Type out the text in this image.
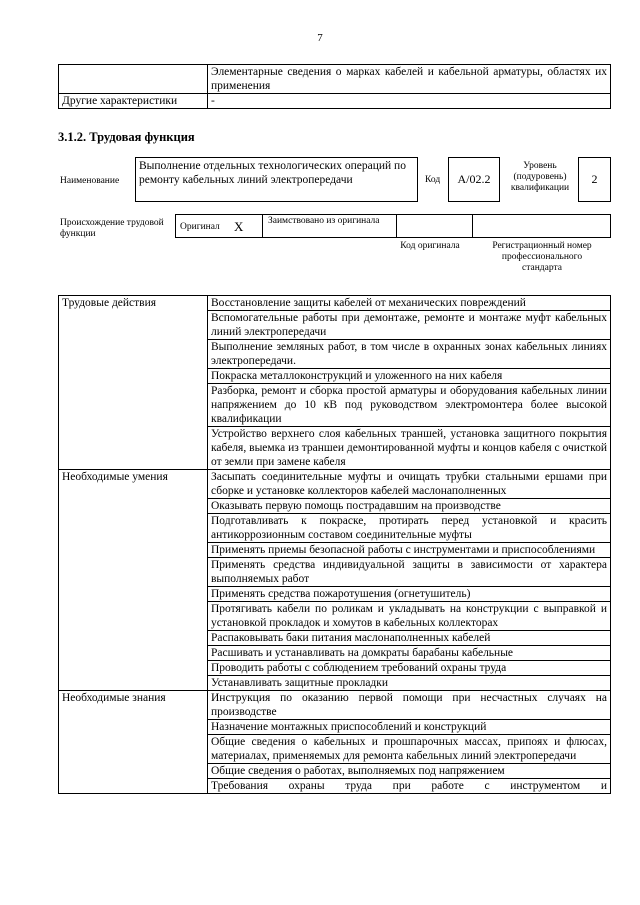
7
	Элементарные сведения о марках кабелей и кабельной арматуры, областях их применения
Другие характеристики	-
3.1.2. Трудовая функция
Наименование
Выполнение отдельных технологических операций по ремонту кабельных линий электропередачи	Код	А/02.2
Уровень (подуровень) квалификации
2
Происхождение трудовой функции
Оригинал X	Заимствовано из оригинала
Код оригинала	Регистрационный номер профессионального стандарта
Трудовые действия	Восстановление защиты кабелей от механических повреждений
	Вспомогательные работы при демонтаже, ремонте и монтаже муфт кабельных линий электропередачи
	Выполнение земляных работ, в том числе в охранных зонах кабельных линиях электропередачи.
	Покраска металлоконструкций и уложенного на них кабеля
	Разборка, ремонт и сборка простой арматуры и оборудования кабельных линии напряжением до 10 кВ под руководством электромонтера более высокой квалификации
	Устройство верхнего слоя кабельных траншей, установка защитного покрытия кабеля, выемка из траншеи демонтированной муфты и концов кабеля с очисткой от земли при замене кабеля
Необходимые умения	Засыпать соединительные муфты и очищать трубки стальными ершами при сборке и установке коллекторов кабелей маслонаполненных
	Оказывать первую помощь пострадавшим на производстве
	Подготавливать к покраске, протирать перед установкой и красить антикоррозионным составом соединительные муфты
	Применять приемы безопасной работы с инструментами и приспособлениями
	Применять средства индивидуальной защиты в зависимости от характера выполняемых работ
	Применять средства пожаротушения (огнетушитель)
	Протягивать кабели по роликам и укладывать на конструкции с выправкой и установкой прокладок и хомутов в кабельных коллекторах
	Распаковывать баки питания маслонаполненных кабелей
	Расшивать и устанавливать на домкраты барабаны кабельные
	Проводить работы с соблюдением требований охраны труда
	Устанавливать защитные прокладки
Необходимые знания	Инструкция по оказанию первой помощи при несчастных случаях на производстве
	Назначение монтажных приспособлений и конструкций
	Общие сведения о кабельных и прошпарочных массах, припоях и флюсах, материалах, применяемых для ремонта кабельных линий электропередачи
	Общие сведения о работах, выполняемых под напряжением
	Требования охраны труда при работе с инструментом и
